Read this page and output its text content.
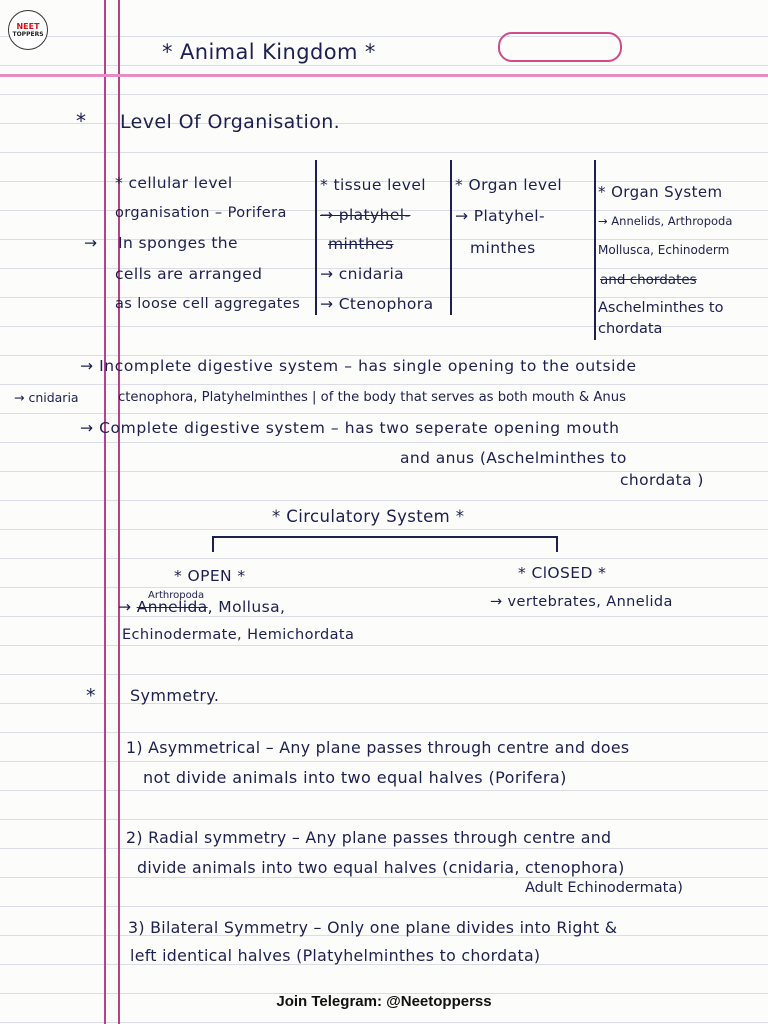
NEET
TOPPERS
* Animal Kingdom *
* Level Of Organisation.
* cellular level
organisation – Porifera
→ In sponges the
cells are arranged
as loose cell aggregates
* tissue level
→ platyhel-
minthes
→ cnidaria
→ Ctenophora
* Organ level
→ Platyhel-
minthes
* Organ System
→ Annelids, Arthropoda
Mollusca, Echinoderm
and chordates
Aschelminthes to
chordata
→ Incomplete digestive system – has single opening to the outside
→ cnidaria	ctenophora, Platyhelminthes | of the body that serves as both mouth & Anus
→ Complete digestive system – has two seperate opening mouth
and anus (Aschelminthes to
chordata )
* Circulatory System *
* OPEN *
Arthropoda
→ Annelida, Mollusa,
Echinodermate, Hemichordata
* ClOSED *
→ vertebrates, Annelida
* Symmetry.
1) Asymmetrical – Any plane passes through centre and does
not divide animals into two equal halves (Porifera)
2) Radial symmetry – Any plane passes through centre and
divide animals into two equal halves (cnidaria, ctenophora)
Adult Echinodermata)
3) Bilateral Symmetry – Only one plane divides into Right &
left identical halves (Platyhelminthes to chordata)
Join Telegram: @Neetopperss
